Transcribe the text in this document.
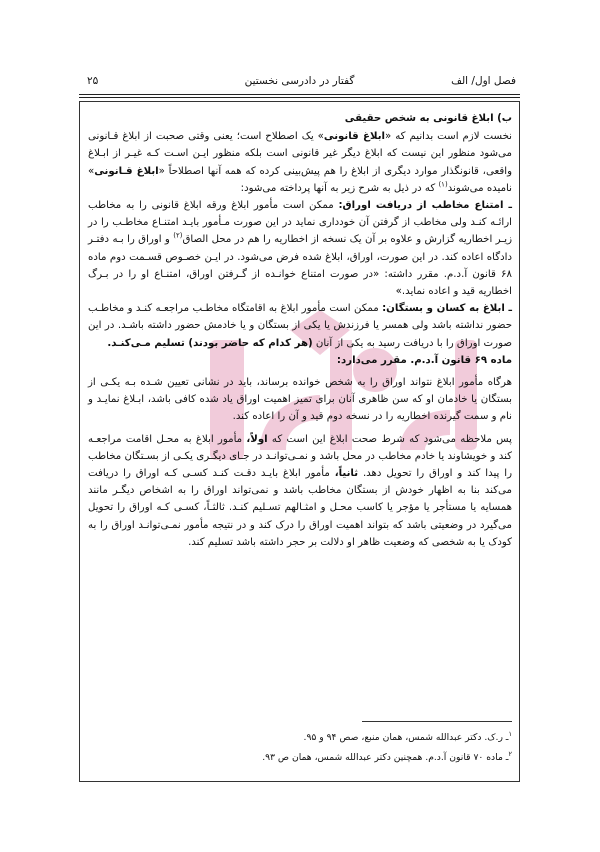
فصل اول/ الف
گفتار در دادرسی نخستین
۲۵

ب) ابلاغ قانونی به شخص حقیقی

نخست لازم است بدانیم که «ابلاغ قانونی» یک اصطلاح است؛ یعنی وقتی صحبت از ابلاغ قـانونی می‌شود منظور این نیست که ابلاغ دیگر غیر قانونی است بلکه منظور ایـن اسـت کـه غیـر از ابـلاغ واقعی، قانونگذار موارد دیگری از ابلاغ را هم پیش‌بینی کرده که همه آنها اصطلاحاً «ابلاغ قـانونی» نامیده می‌شوند$^{(۱)}$ که در ذیل به شرح زیر به آنها پرداخته می‌شود:

ـ امتناع مخاطب از دریافت اوراق: ممکن است مأمور ابلاغ ورقه ابلاغ قانونی را به مخاطب ارائـه کنـد ولی مخاطب از گرفتن آن خودداری نماید در این صورت مـأمور بایـد امتنـاع مخاطـب را در زیـر اخطاریه گزارش و علاوه بر آن یک نسخه از اخطاریه را هم در محل الصاق$^{(۲)}$ و اوراق را بـه دفتـر دادگاه اعاده کند. در این صورت، اوراق، ابلاغ شده فرض می‌شود. در ایـن خصـوص قسـمت دوم ماده ۶۸ قانون آ.د.م. مقرر داشته: «در صورت امتناع خوانـده از گـرفتن اوراق، امتنـاع او را در بـرگ اخطاریه قید و اعاده نماید.»

ـ ابلاغ به کسان و بستگان: ممکن است مأمور ابلاغ به اقامتگاه مخاطـب مراجعـه کنـد و مخاطـب حضور نداشته باشد ولی همسر یا فرزندش یا یکی از بستگان و یا خادمش حضور داشته باشـد. در این صورت اوراق را با دریافت رسید به یکی از آنان (هر کدام که حاضر بودند) تسلیم مـی‌کنـد.

ماده ۶۹ قانون آ.د.م. مقرر می‌دارد:

هرگاه مأمور ابلاغ نتواند اوراق را به شخص خوانده برساند، باید در نشانی تعیین شـده بـه یکـی از بستگان یا خادمان او که سن ظاهری آنان برای تمیز اهمیت اوراق یاد شده کافی باشد، ابـلاغ نمایـد و نام و سمت گیرنده اخطاریه را در نسخه دوم قید و آن را اعاده کند.

پس ملاحظه می‌شود که شرط صحت ابلاغ این است که اولاً، مأمور ابلاغ به محـل اقامت مراجعـه کند و خویشاوند یا خادم مخاطب در محل باشد و نمـی‌توانـد در جـای دیگـری یکـی از بسـتگان مخاطب را پیدا کند و اوراق را تحویل دهد. ثانیاً، مأمور ابلاغ بایـد دقـت کنـد کسـی کـه اوراق را دریافت می‌کند بنا به اظهار خودش از بستگان مخاطب باشد و نمی‌تواند اوراق را به اشخاص دیگـر مانند همسایه یا مستأجر یا مؤجر یا کاسب محـل و امثـالهم تسـلیم کنـد. ثالثـاً، کسـی کـه اوراق را تحویل می‌گیرد در وضعیتی باشد که بتواند اهمیت اوراق را درک کند و در نتیجه مأمور نمـی‌توانـد اوراق را به کودک یا به شخصی که وضعیت ظاهر او دلالت بر حجر داشته باشد تسلیم کند.

$^۱$ـ ر.ک. دکتر عبدالله شمس، همان منبع، صص ۹۴ و ۹۵.

$^۲$ـ ماده ۷۰ قانون آ.د.م. همچنین دکتر عبدالله شمس، همان ص ۹۳.
